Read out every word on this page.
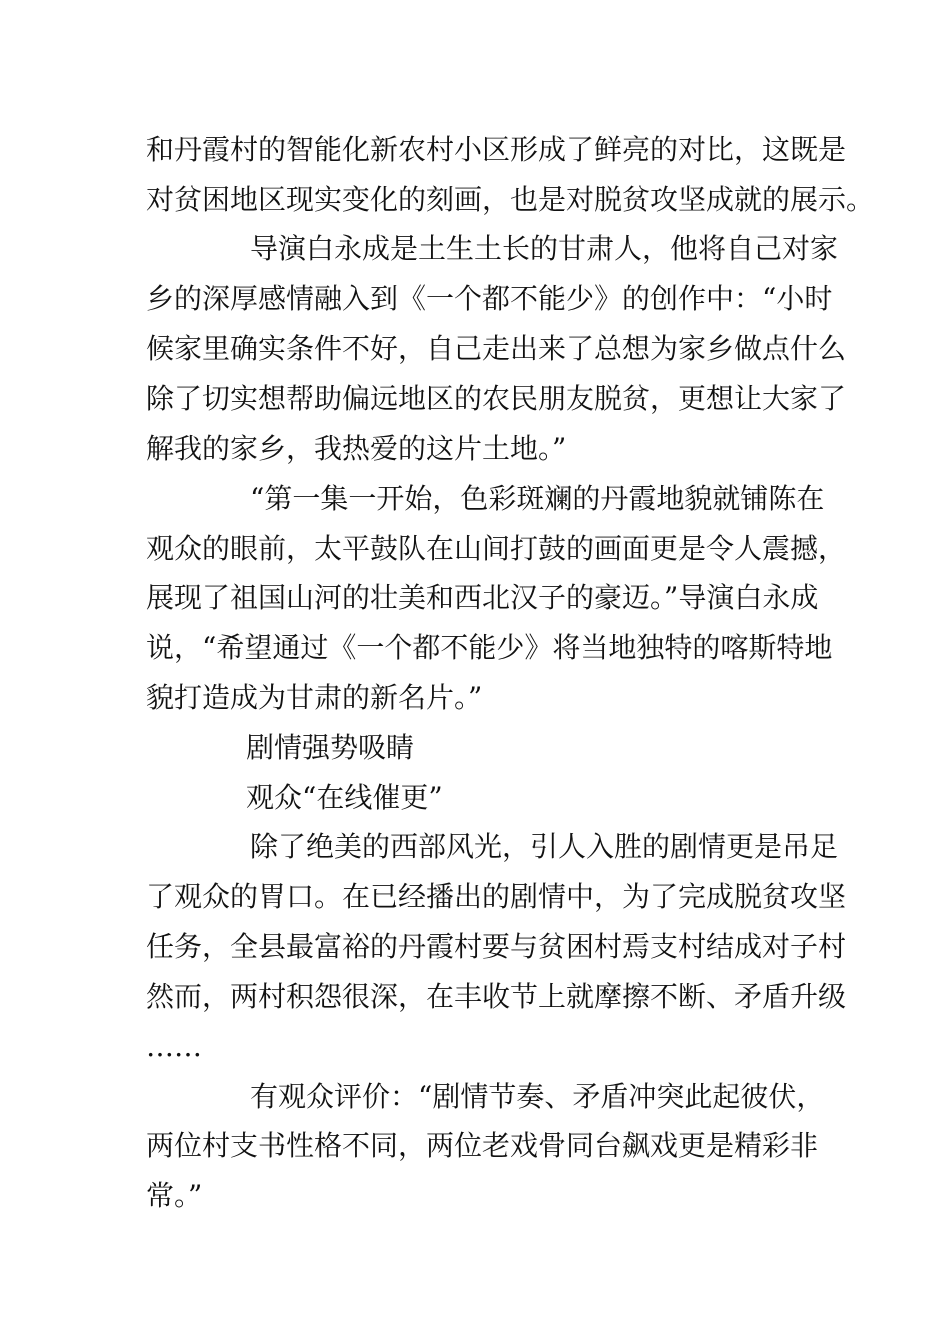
和丹霞村的智能化新农村小区形成了鲜亮的对比，这既是
对贫困地区现实变化的刻画，也是对脱贫攻坚成就的展示。
导演白永成是土生土长的甘肃人，他将自己对家
乡的深厚感情融入到《一个都不能少》的创作中：“小时
候家里确实条件不好，自己走出来了总想为家乡做点什么
除了切实想帮助偏远地区的农民朋友脱贫，更想让大家了
解我的家乡，我热爱的这片土地。”
“第一集一开始，色彩斑斓的丹霞地貌就铺陈在
观众的眼前，太平鼓队在山间打鼓的画面更是令人震撼，
展现了祖国山河的壮美和西北汉子的豪迈。”导演白永成
说，“希望通过《一个都不能少》将当地独特的喀斯特地
貌打造成为甘肃的新名片。”
剧情强势吸睛
观众“在线催更”
除了绝美的西部风光，引人入胜的剧情更是吊足
了观众的胃口。在已经播出的剧情中，为了完成脱贫攻坚
任务，全县最富裕的丹霞村要与贫困村焉支村结成对子村
然而，两村积怨很深，在丰收节上就摩擦不断、矛盾升级
……
有观众评价：“剧情节奏、矛盾冲突此起彼伏，
两位村支书性格不同，两位老戏骨同台飙戏更是精彩非
常。”
